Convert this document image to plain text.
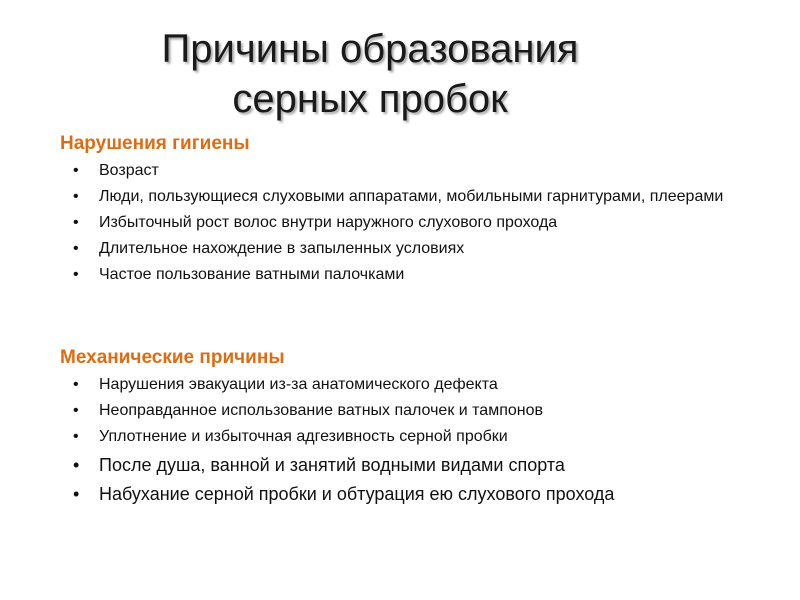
Причины образования
серных пробок
Нарушения гигиены
• Возраст
• Люди, пользующиеся слуховыми аппаратами, мобильными гарнитурами, плеерами
• Избыточный рост волос внутри наружного слухового прохода
• Длительное нахождение в запыленных условиях
• Частое пользование ватными палочками
Механические причины
• Нарушения эвакуации из-за анатомического дефекта
• Неоправданное использование ватных палочек и тампонов
• Уплотнение и избыточная адгезивность серной пробки
• После душа, ванной и занятий водными видами спорта
• Набухание серной пробки и обтурация ею слухового прохода
